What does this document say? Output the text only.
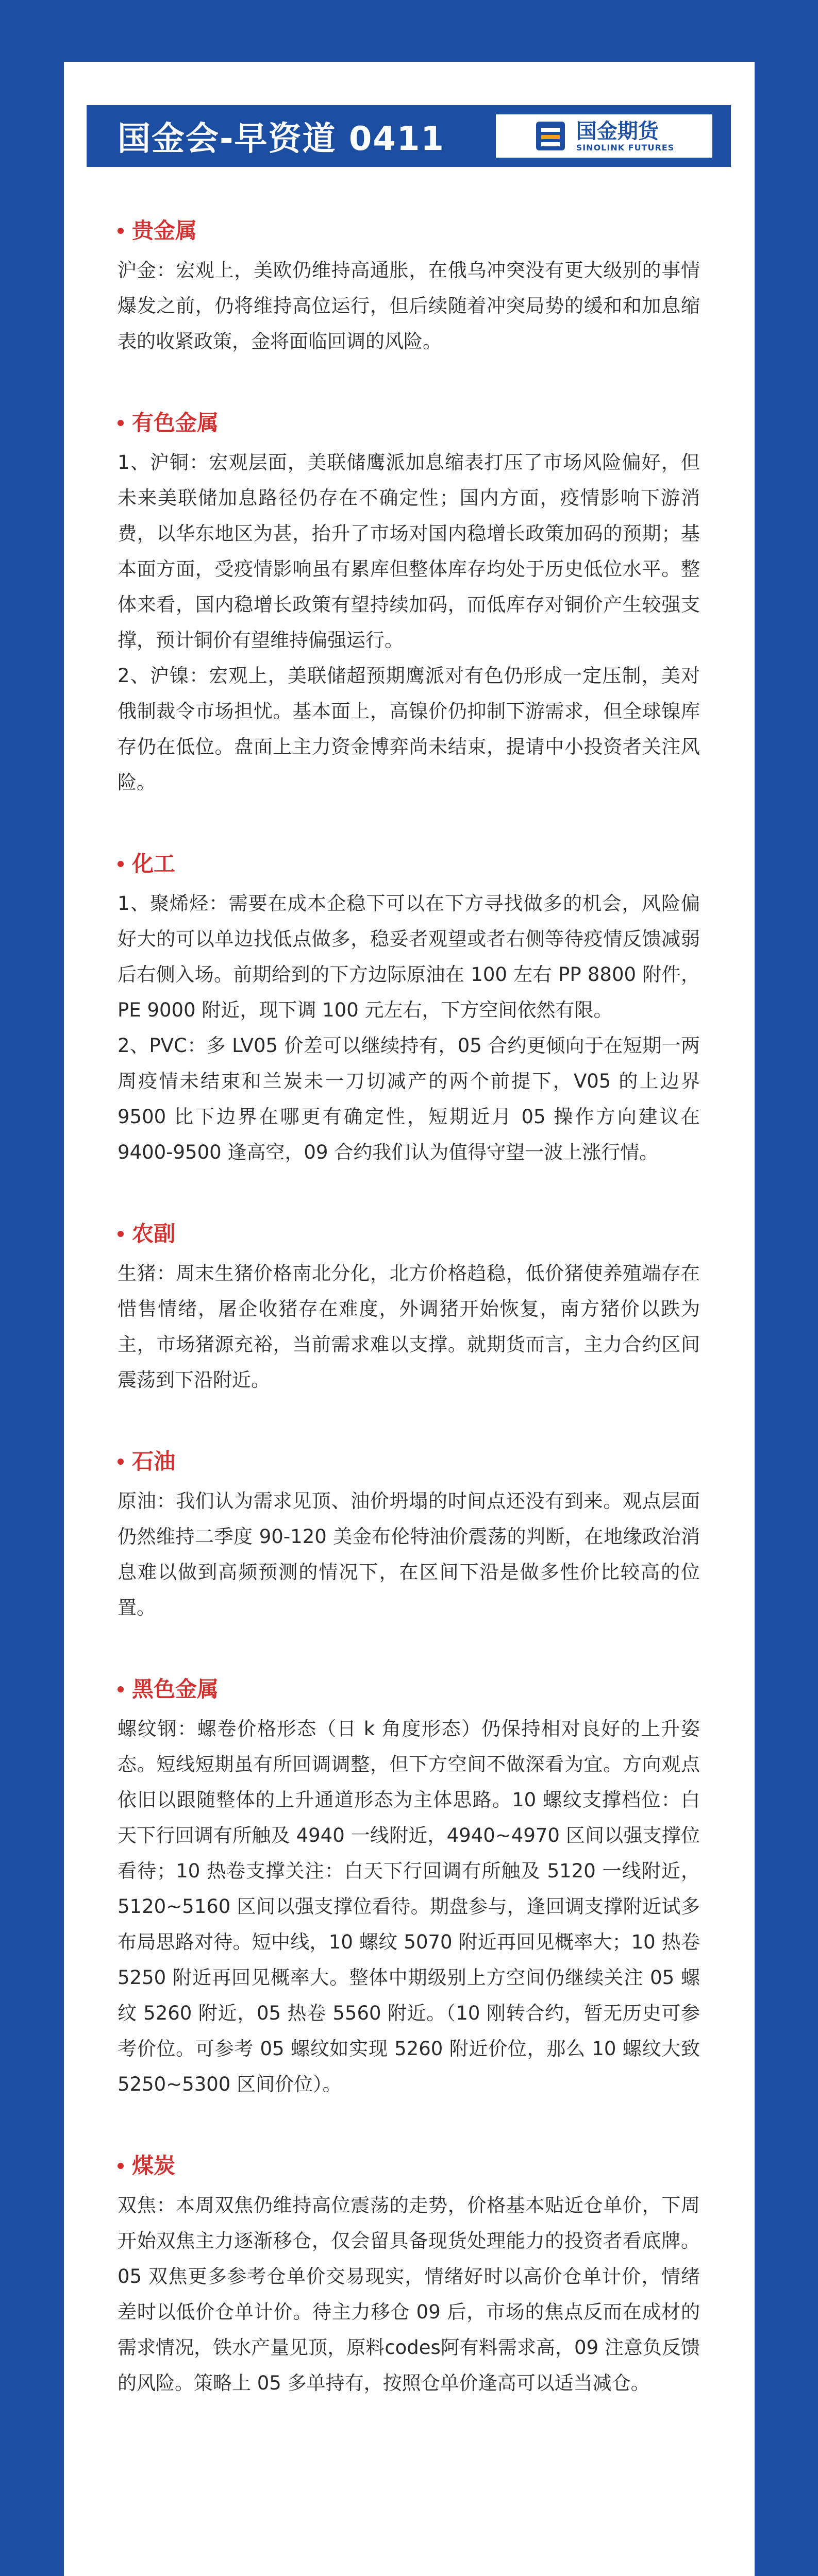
国金会-早资道 0411	国金期货
SINOLINK FUTURES
贵金属

沪金：宏观上，美欧仍维持高通胀，在俄乌冲突没有更大级别的事情爆发之前，仍将维持高位运行，但后续随着冲突局势的缓和和加息缩表的收紧政策，金将面临回调的风险。

有色金属

1、沪铜：宏观层面，美联储鹰派加息缩表打压了市场风险偏好，但未来美联储加息路径仍存在不确定性；国内方面，疫情影响下游消费，以华东地区为甚，抬升了市场对国内稳增长政策加码的预期；基本面方面，受疫情影响虽有累库但整体库存均处于历史低位水平。整体来看，国内稳增长政策有望持续加码，而低库存对铜价产生较强支撑，预计铜价有望维持偏强运行。

2、沪镍：宏观上，美联储超预期鹰派对有色仍形成一定压制，美对俄制裁令市场担忧。基本面上，高镍价仍抑制下游需求，但全球镍库存仍在低位。盘面上主力资金博弈尚未结束，提请中小投资者关注风险。

化工

1、聚烯烃：需要在成本企稳下可以在下方寻找做多的机会，风险偏好大的可以单边找低点做多，稳妥者观望或者右侧等待疫情反馈减弱后右侧入场。前期给到的下方边际原油在 100 左右 PP 8800 附件，PE 9000 附近，现下调 100 元左右，下方空间依然有限。

2、PVC：多 LV05 价差可以继续持有，05 合约更倾向于在短期一两周疫情未结束和兰炭未一刀切减产的两个前提下，V05 的上边界 9500 比下边界在哪更有确定性，短期近月 05 操作方向建议在 9400-9500 逢高空，09 合约我们认为值得守望一波上涨行情。

农副

生猪：周末生猪价格南北分化，北方价格趋稳，低价猪使养殖端存在惜售情绪，屠企收猪存在难度，外调猪开始恢复，南方猪价以跌为主，市场猪源充裕，当前需求难以支撑。就期货而言，主力合约区间震荡到下沿附近。

石油

原油：我们认为需求见顶、油价坍塌的时间点还没有到来。观点层面仍然维持二季度 90-120 美金布伦特油价震荡的判断，在地缘政治消息难以做到高频预测的情况下，在区间下沿是做多性价比较高的位置。

黑色金属

螺纹钢：螺卷价格形态（日 k 角度形态）仍保持相对良好的上升姿态。短线短期虽有所回调调整，但下方空间不做深看为宜。方向观点依旧以跟随整体的上升通道形态为主体思路。10 螺纹支撑档位：白天下行回调有所触及 4940 一线附近，4940~4970 区间以强支撑位看待；10 热卷支撑关注：白天下行回调有所触及 5120 一线附近，5120~5160 区间以强支撑位看待。期盘参与，逢回调支撑附近试多布局思路对待。短中线，10 螺纹 5070 附近再回见概率大；10 热卷 5250 附近再回见概率大。整体中期级别上方空间仍继续关注 05 螺纹 5260 附近，05 热卷 5560 附近。（10 刚转合约，暂无历史可参考价位。可参考 05 螺纹如实现 5260 附近价位，那么 10 螺纹大致 5250~5300 区间价位）。

煤炭

双焦：本周双焦仍维持高位震荡的走势，价格基本贴近仓单价，下周开始双焦主力逐渐移仓，仅会留具备现货处理能力的投资者看底牌。05 双焦更多参考仓单价交易现实，情绪好时以高价仓单计价，情绪差时以低价仓单计价。待主力移仓 09 后，市场的焦点反而在成材的需求情况，铁水产量见顶，原料codes阿有料需求高，09 注意负反馈的风险。策略上 05 多单持有，按照仓单价逢高可以适当减仓。
